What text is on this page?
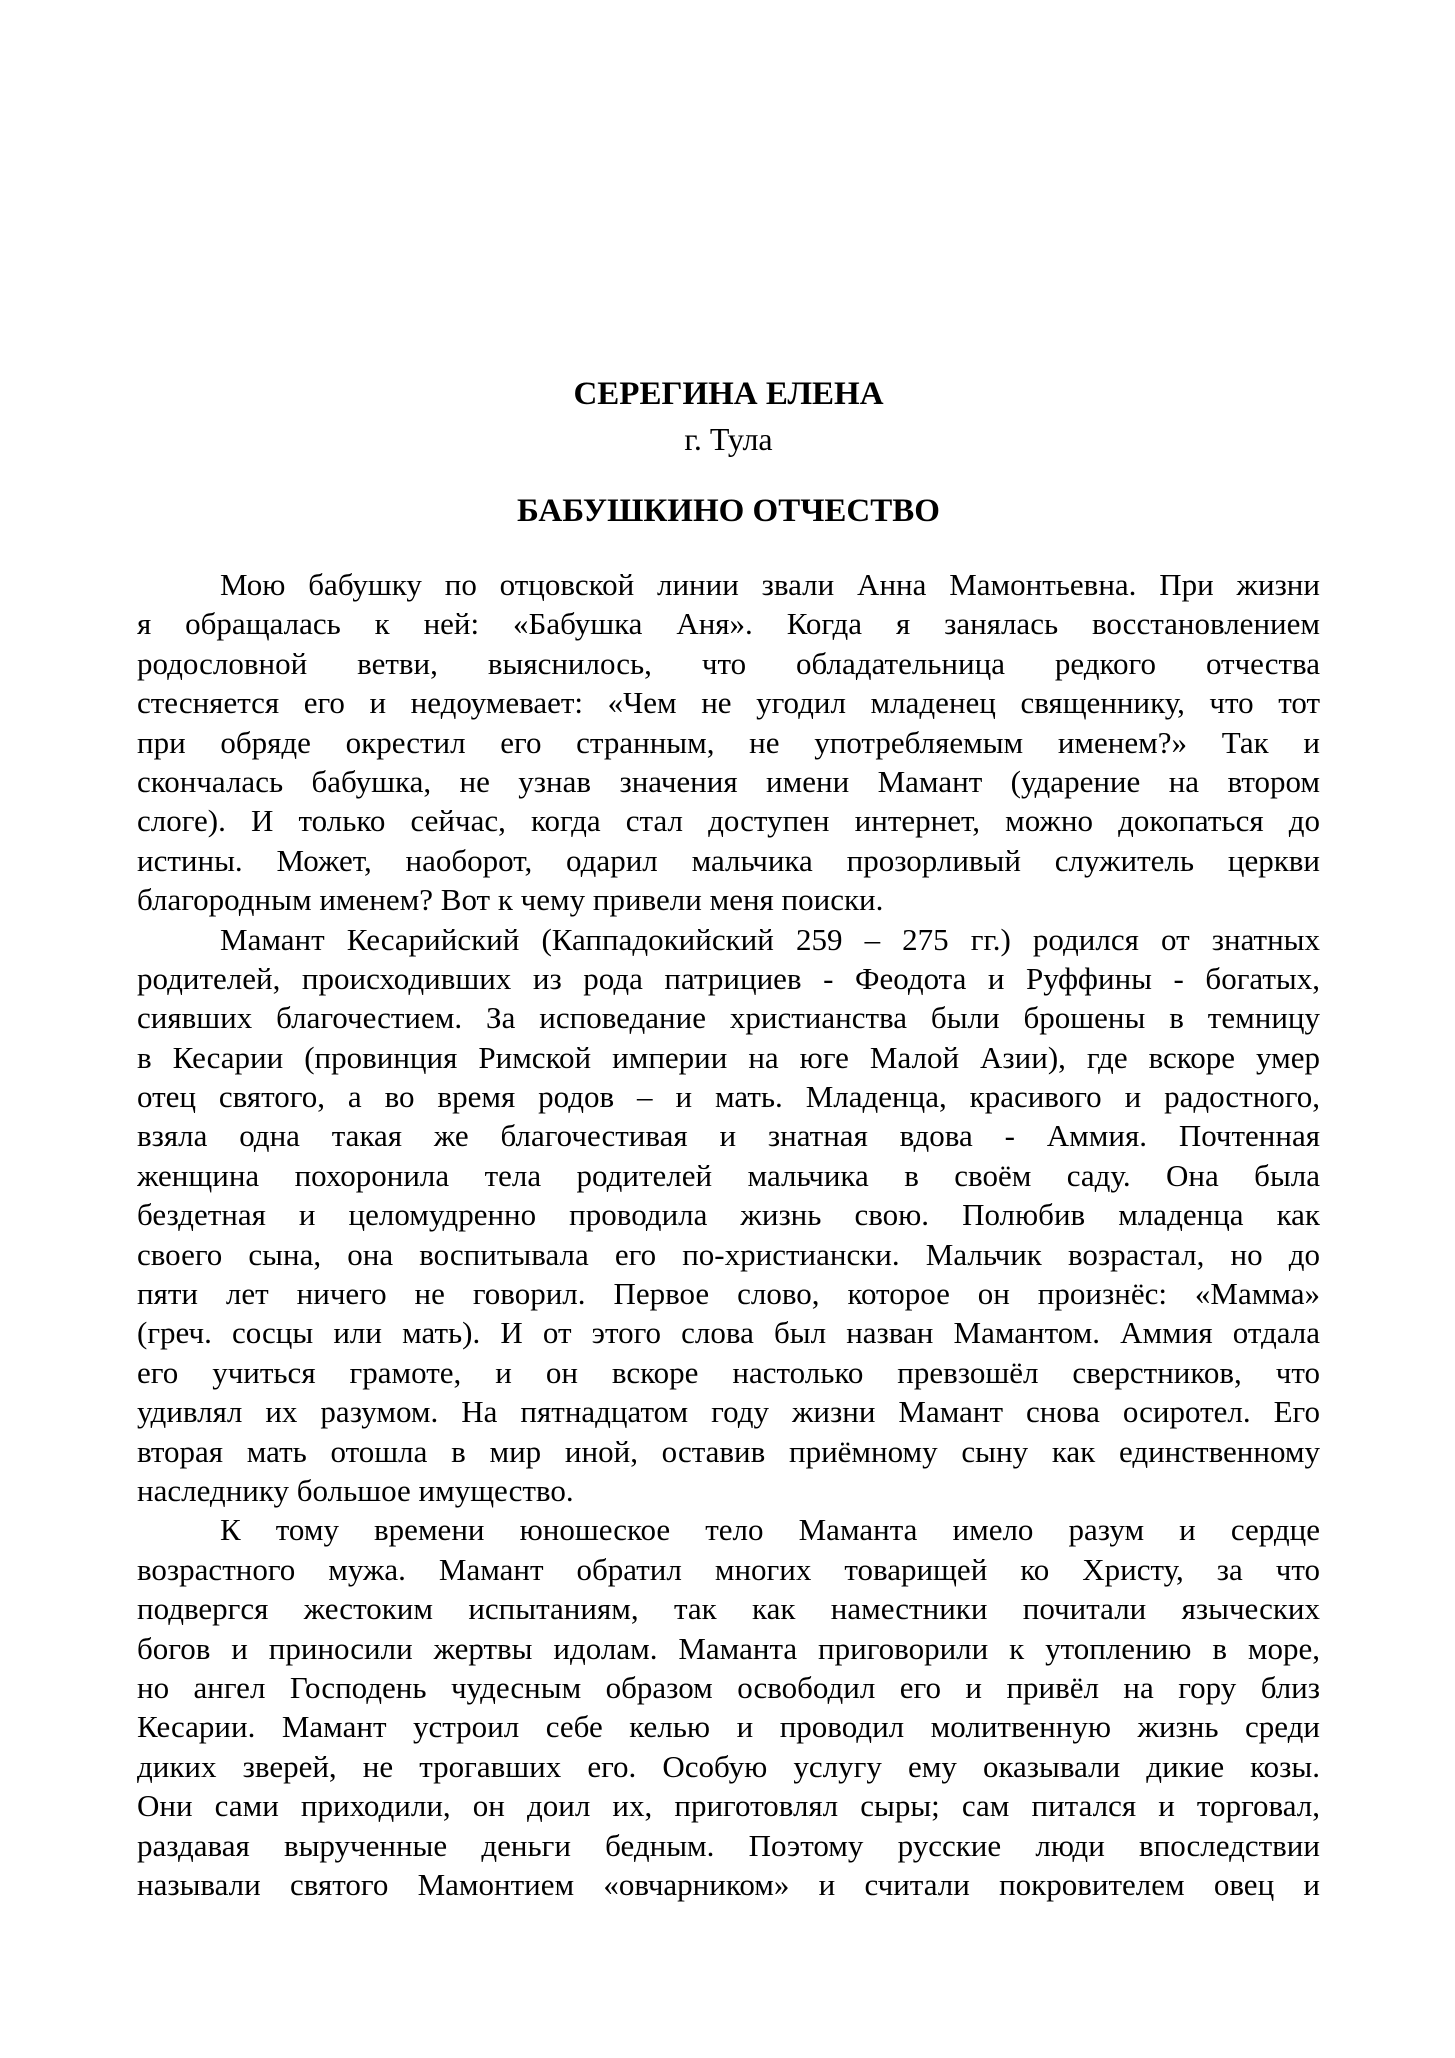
СЕРЕГИНА ЕЛЕНА
г. Тула
БАБУШКИНО ОТЧЕСТВО

Мою бабушку по отцовской линии звали Анна Мамонтьевна. При жизни
я обращалась к ней: «Бабушка Аня». Когда я занялась восстановлением
родословной ветви, выяснилось, что обладательница редкого отчества
стесняется его и недоумевает: «Чем не угодил младенец священнику, что тот
при обряде окрестил его странным, не употребляемым именем?» Так и
скончалась бабушка, не узнав значения имени Мамант (ударение на втором
слоге). И только сейчас, когда стал доступен интернет, можно докопаться до
истины. Может, наоборот, одарил мальчика прозорливый служитель церкви
благородным именем? Вот к чему привели меня поиски.

Мамант Кесарийский (Каппадокийский 259 – 275 гг.) родился от знатных
родителей, происходивших из рода патрициев - Феодота и Руффины - богатых,
сиявших благочестием. За исповедание христианства были брошены в темницу
в Кесарии (провинция Римской империи на юге Малой Азии), где вскоре умер
отец святого, а во время родов – и мать. Младенца, красивого и радостного,
взяла одна такая же благочестивая и знатная вдова - Аммия. Почтенная
женщина похоронила тела родителей мальчика в своём саду. Она была
бездетная и целомудренно проводила жизнь свою. Полюбив младенца как
своего сына, она воспитывала его по-христиански. Мальчик возрастал, но до
пяти лет ничего не говорил. Первое слово, которое он произнёс: «Мамма»
(греч. сосцы или мать). И от этого слова был назван Мамантом. Аммия отдала
его учиться грамоте, и он вскоре настолько превзошёл сверстников, что
удивлял их разумом. На пятнадцатом году жизни Мамант снова осиротел. Его
вторая мать отошла в мир иной, оставив приёмному сыну как единственному
наследнику большое имущество.

К тому времени юношеское тело Маманта имело разум и сердце
возрастного мужа. Мамант обратил многих товарищей ко Христу, за что
подвергся жестоким испытаниям, так как наместники почитали языческих
богов и приносили жертвы идолам. Маманта приговорили к утоплению в море,
но ангел Господень чудесным образом освободил его и привёл на гору близ
Кесарии. Мамант устроил себе келью и проводил молитвенную жизнь среди
диких зверей, не трогавших его. Особую услугу ему оказывали дикие козы.
Они сами приходили, он доил их, приготовлял сыры; сам питался и торговал,
раздавая вырученные деньги бедным. Поэтому русские люди впоследствии
называли святого Мамонтием «овчарником» и считали покровителем овец и
